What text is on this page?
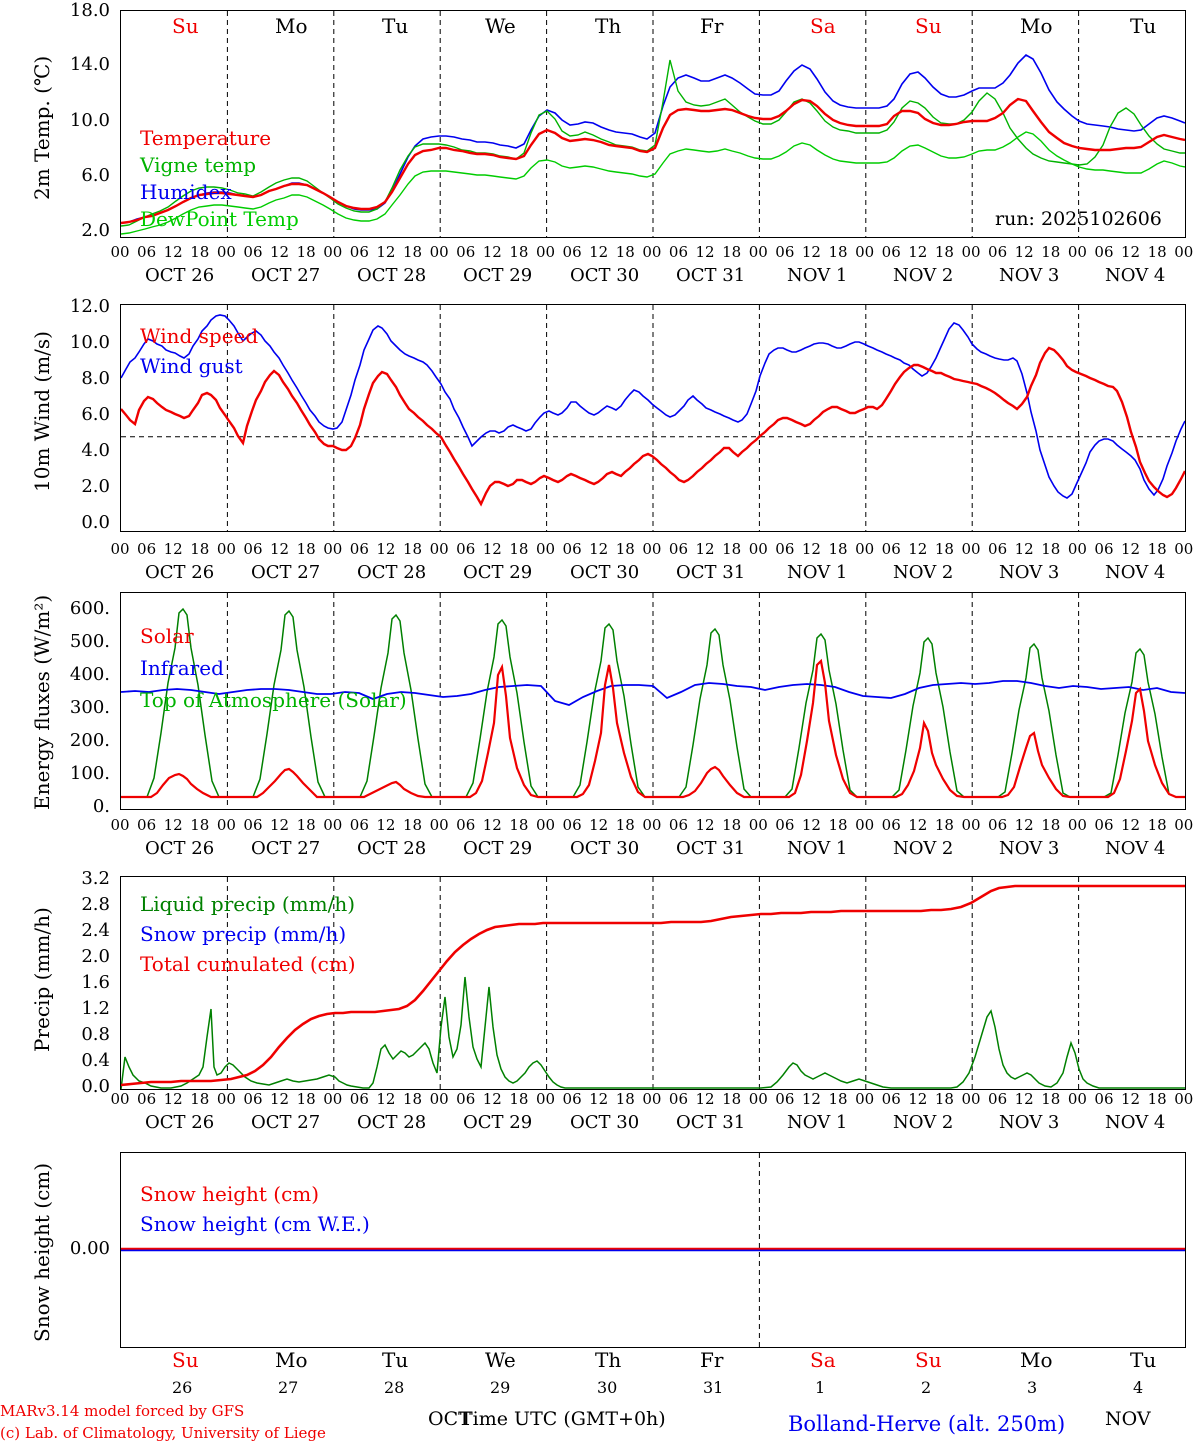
2m Temp. (℃)
18.0
14.0
10.0
6.0
2.0
Su	Mo	Tu	We	Th	Fr	Sa	Su	Mo	Tu
Temperature
Vigne temp
Humidex
DewPoint Temp	run: 2025102606
00 06 12 18 00 06 12 18 00 06 12 18 00 06 12 18 00 06 12 18 00 06 12 18 00 06 12 18 00 06 12 18 00 06 12 18 00 06 12 18 00
OCT 26 OCT 27 OCT 28 OCT 29 OCT 30 OCT 31 NOV 1	NOV 2	NOV 3	NOV 4
10m Wind (m/s)
12.0
10.0
8.0
6.0
4.0
2.0
0.0
Wind speed
Wind gust
00 06 12 18 00 06 12 18 00 06 12 18 00 06 12 18 00 06 12 18 00 06 12 18 00 06 12 18 00 06 12 18 00 06 12 18 00 06 12 18 00
OCT 26 OCT 27 OCT 28 OCT 29 OCT 30 OCT 31 NOV 1	NOV 2	NOV 3	NOV 4
Energy fluxes (W/m²) 600.
500.
400.
300.
200.
100.
0.
Solar
Infrared
Top of Atmosphere (Solar)
00 06 12 18 00 06 12 18 00 06 12 18 00 06 12 18 00 06 12 18 00 06 12 18 00 06 12 18 00 06 12 18 00 06 12 18 00 06 12 18 00
OCT 26 OCT 27 OCT 28 OCT 29 OCT 30 OCT 31 NOV 1	NOV 2	NOV 3	NOV 4
Precip (mm/h)
3.2
2.8
2.4
2.0
1.6
1.2
0.8
0.4
0.0
Liquid precip (mm/h)
Snow precip (mm/h)
Total cumulated (cm)
00 06 12 18 00 06 12 18 00 06 12 18 00 06 12 18 00 06 12 18 00 06 12 18 00 06 12 18 00 06 12 18 00 06 12 18 00 06 12 18 00
OCT 26 OCT 27 OCT 28 OCT 29 OCT 30 OCT 31 NOV 1	NOV 2	NOV 3	NOV 4
Snow height (cm) 0.00
Snow height (cm)
Snow height (cm W.E.)
Su	Mo	Tu	We	Th	Fr	Sa	Su	Mo	Tu
26	27	28	29	30	31	1	2	3	4
OCT	NOV
Time UTC (GMT+0h)
MARv3.14 model forced by GFS
(c) Lab. of Climatology, University of Liege	Bolland-Herve (alt. 250m)
